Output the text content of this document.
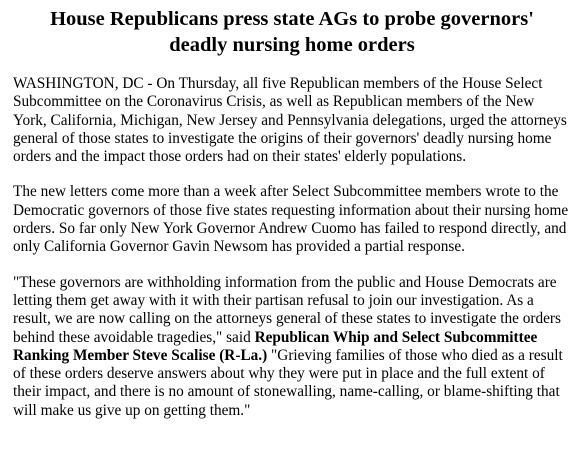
House Republicans press state AGs to probe governors' deadly nursing home orders

WASHINGTON, DC - On Thursday, all five Republican members of the House Select Subcommittee on the Coronavirus Crisis, as well as Republican members of the New York, California, Michigan, New Jersey and Pennsylvania delegations, urged the attorneys general of those states to investigate the origins of their governors' deadly nursing home orders and the impact those orders had on their states' elderly populations.

The new letters come more than a week after Select Subcommittee members wrote to the Democratic governors of those five states requesting information about their nursing home orders. So far only New York Governor Andrew Cuomo has failed to respond directly, and only California Governor Gavin Newsom has provided a partial response.

"These governors are withholding information from the public and House Democrats are letting them get away with it with their partisan refusal to join our investigation. As a result, we are now calling on the attorneys general of these states to investigate the orders behind these avoidable tragedies," said Republican Whip and Select Subcommittee Ranking Member Steve Scalise (R-La.) "Grieving families of those who died as a result of these orders deserve answers about why they were put in place and the full extent of their impact, and there is no amount of stonewalling, name-calling, or blame-shifting that will make us give up on getting them."
